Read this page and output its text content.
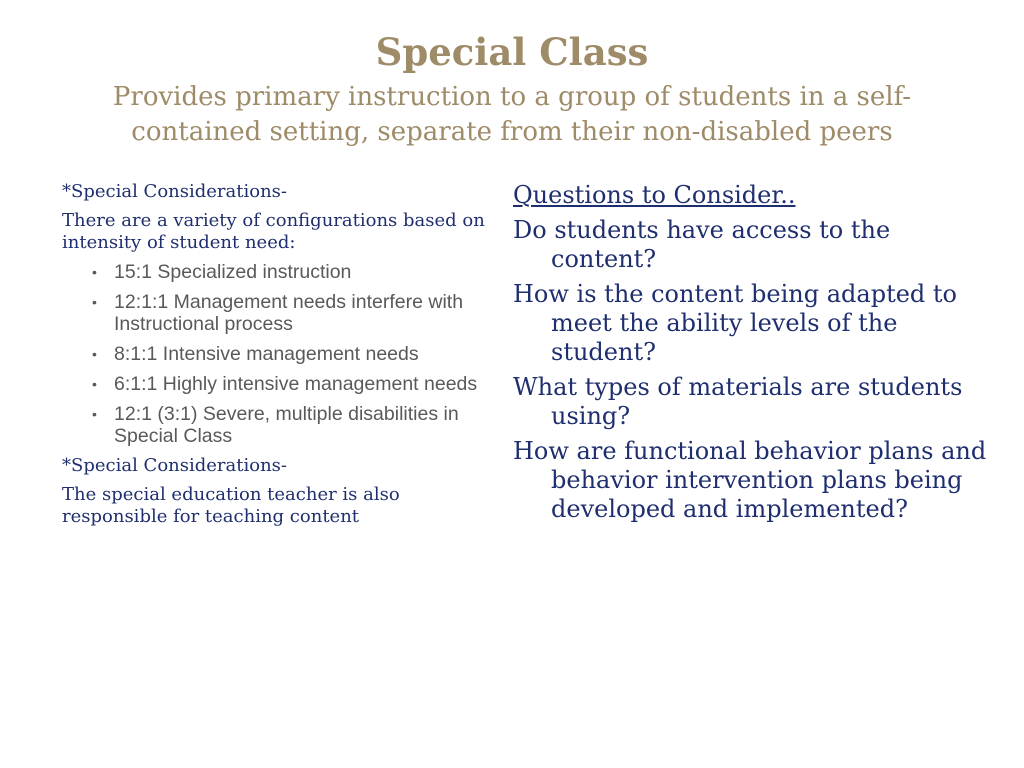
Special Class
Provides primary instruction to a group of students in a self-contained setting, separate from their non-disabled peers
*Special Considerations-
There are a variety of configurations based on intensity of student need:
• 15:1 Specialized instruction
• 12:1:1 Management needs interfere with Instructional process
• 8:1:1 Intensive management needs
• 6:1:1 Highly intensive management needs
• 12:1 (3:1) Severe, multiple disabilities in Special Class
*Special Considerations-
The special education teacher is also responsible for teaching content
Questions to Consider..
Do students have access to the content?
How is the content being adapted to meet the ability levels of the student?
What types of materials are students using?
How are functional behavior plans and behavior intervention plans being developed and implemented?
